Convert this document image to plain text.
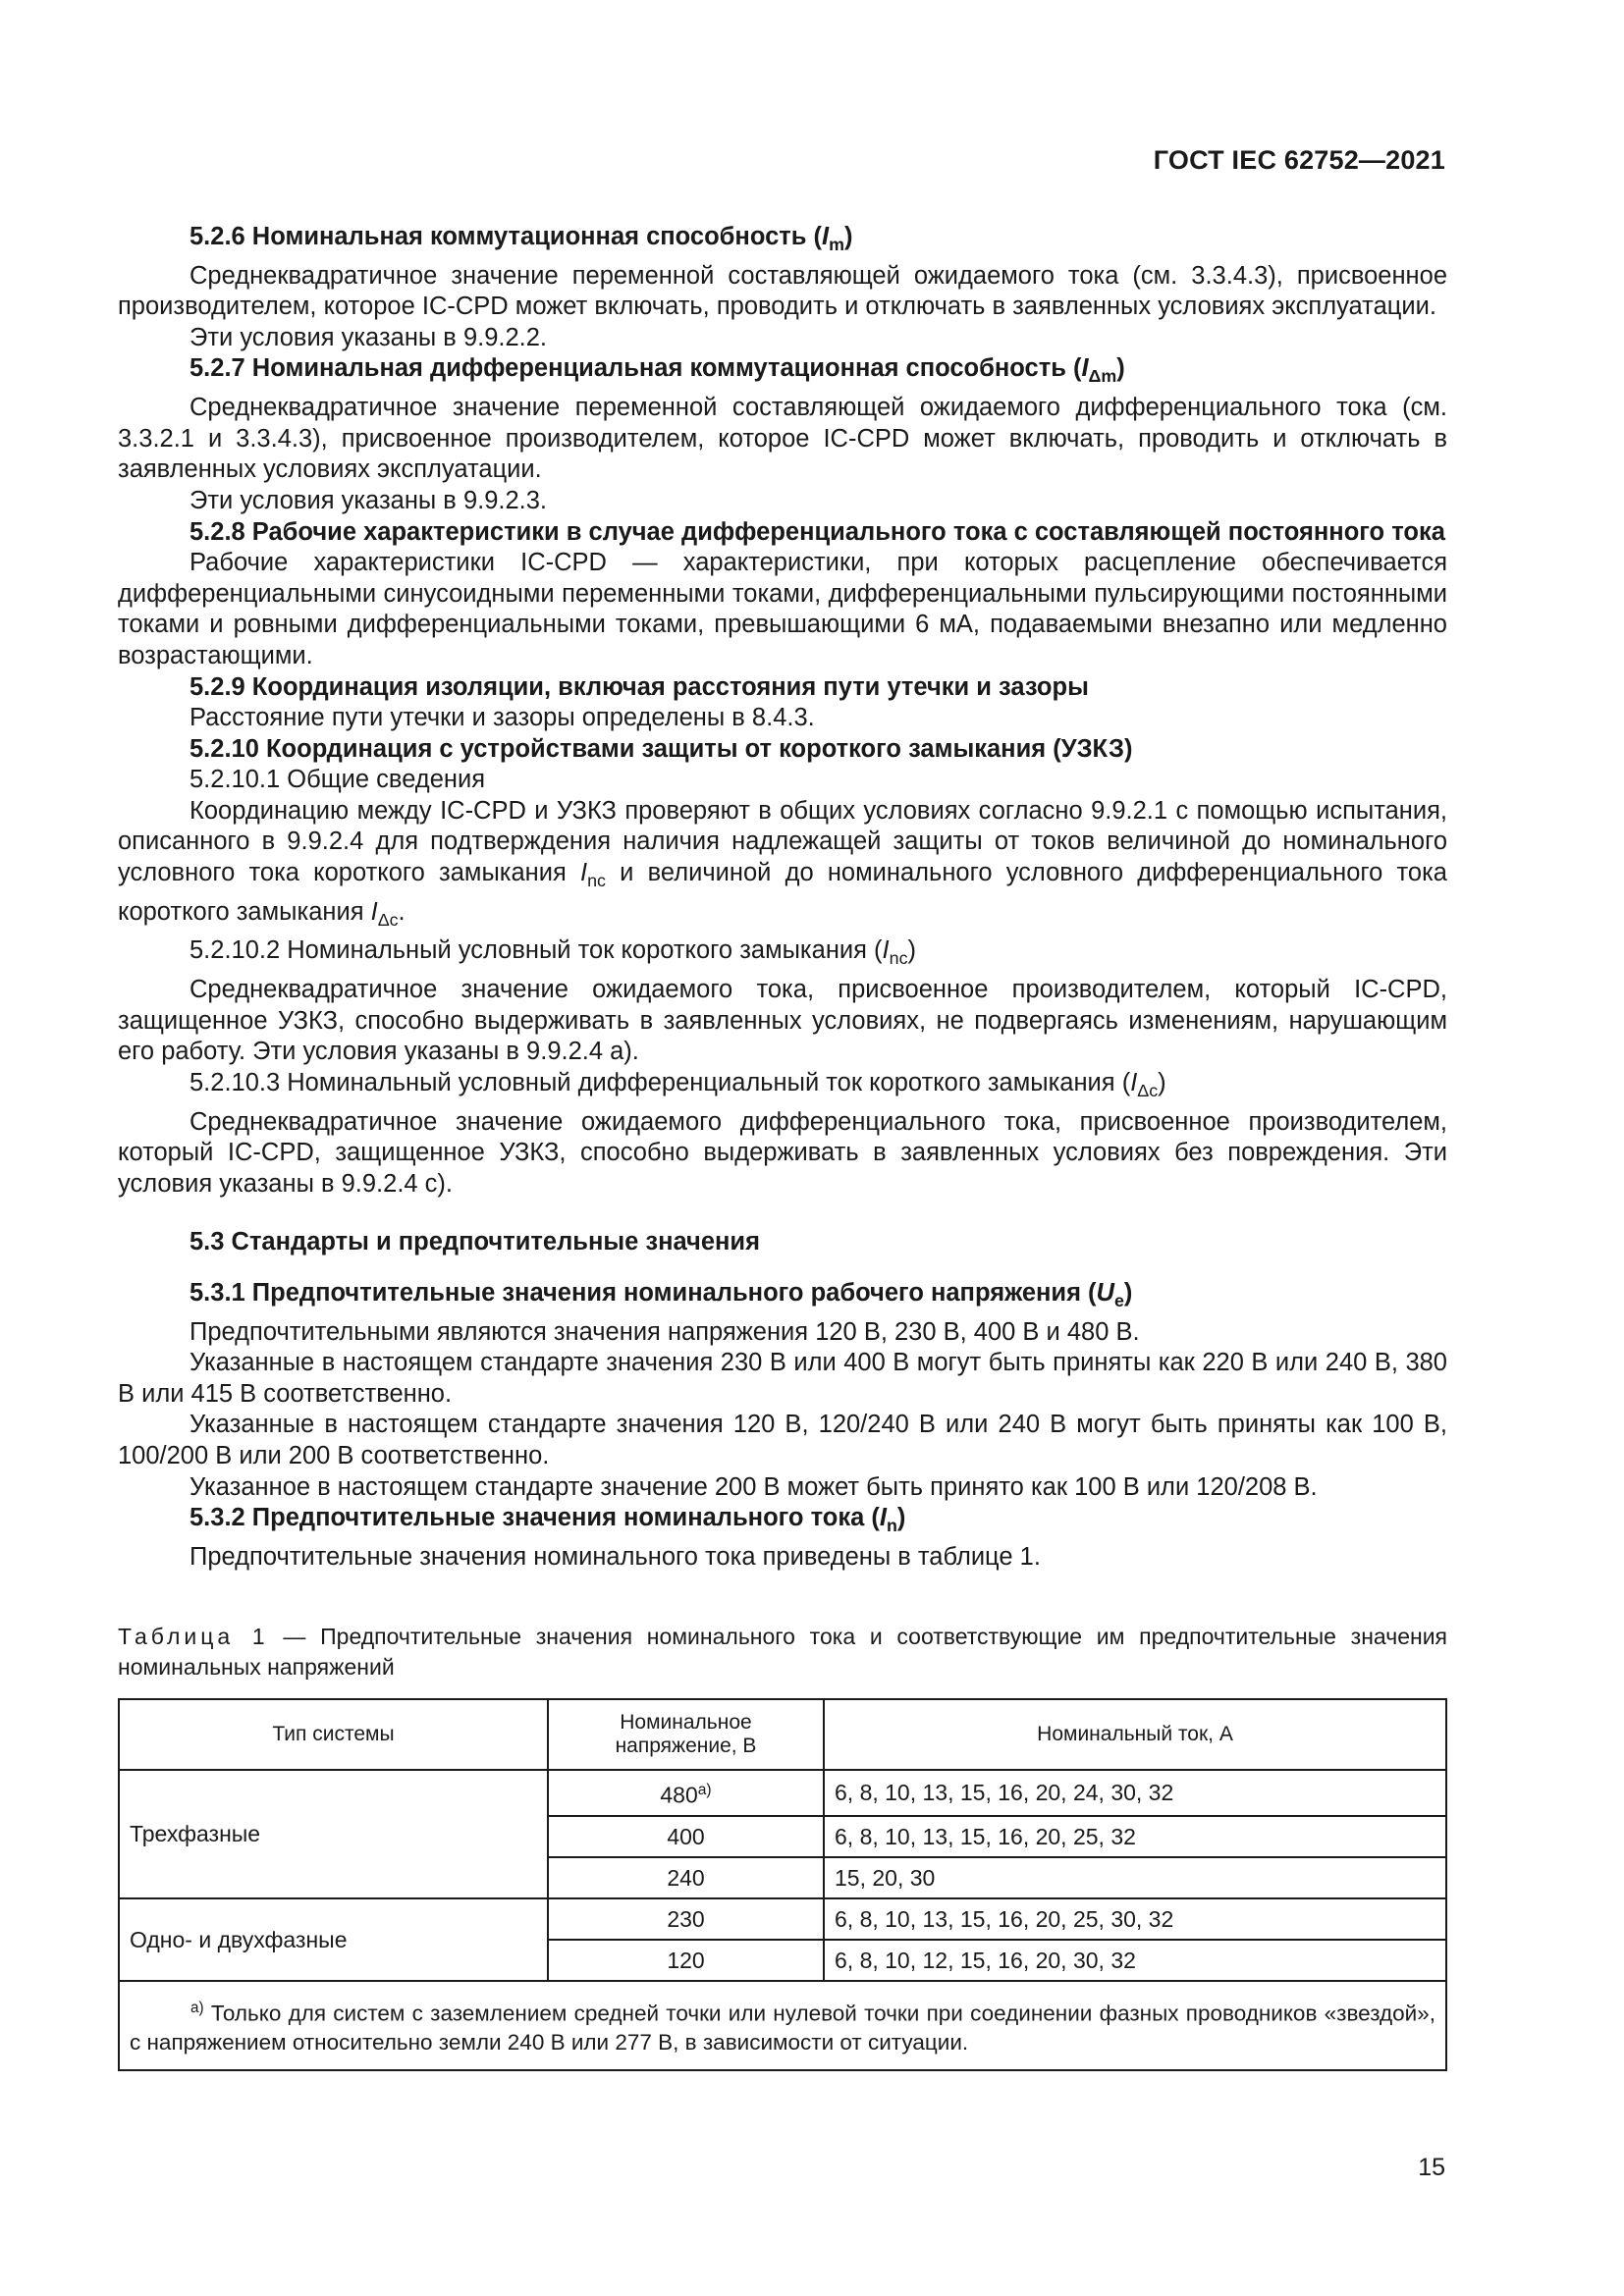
ГОСТ IEC 62752—2021

5.2.6 Номинальная коммутационная способность $(I_m)$

Среднеквадратичное значение переменной составляющей ожидаемого тока (см. 3.3.4.3), присвоенное производителем, которое IC-CPD может включать, проводить и отключать в заявленных условиях эксплуатации.

Эти условия указаны в 9.9.2.2.

5.2.7 Номинальная дифференциальная коммутационная способность $(I_{\Delta m})$

Среднеквадратичное значение переменной составляющей ожидаемого дифференциального тока (см. 3.3.2.1 и 3.3.4.3), присвоенное производителем, которое IC-CPD может включать, проводить и отключать в заявленных условиях эксплуатации.

Эти условия указаны в 9.9.2.3.

5.2.8 Рабочие характеристики в случае дифференциального тока с составляющей постоянного тока

Рабочие характеристики IC-CPD — характеристики, при которых расцепление обеспечивается дифференциальными синусоидными переменными токами, дифференциальными пульсирующими постоянными токами и ровными дифференциальными токами, превышающими 6 мА, подаваемыми внезапно или медленно возрастающими.

5.2.9 Координация изоляции, включая расстояния пути утечки и зазоры

Расстояние пути утечки и зазоры определены в 8.4.3.

5.2.10 Координация с устройствами защиты от короткого замыкания (УЗКЗ)

5.2.10.1 Общие сведения

Координацию между IC-CPD и УЗКЗ проверяют в общих условиях согласно 9.9.2.1 с помощью испытания, описанного в 9.9.2.4 для подтверждения наличия надлежащей защиты от токов величиной до номинального условного тока короткого замыкания $I_{nc}$ и величиной до номинального условного дифференциального тока короткого замыкания $I_{\Delta c}$.

5.2.10.2 Номинальный условный ток короткого замыкания $(I_{nc})$

Среднеквадратичное значение ожидаемого тока, присвоенное производителем, который IC-CPD, защищенное УЗКЗ, способно выдерживать в заявленных условиях, не подвергаясь изменениям, нарушающим его работу. Эти условия указаны в 9.9.2.4 а).

5.2.10.3 Номинальный условный дифференциальный ток короткого замыкания $(I_{\Delta c})$

Среднеквадратичное значение ожидаемого дифференциального тока, присвоенное производителем, который IC-CPD, защищенное УЗКЗ, способно выдерживать в заявленных условиях без повреждения. Эти условия указаны в 9.9.2.4 с).

5.3 Стандарты и предпочтительные значения

5.3.1 Предпочтительные значения номинального рабочего напряжения $(U_e)$

Предпочтительными являются значения напряжения 120 В, 230 В, 400 В и 480 В.

Указанные в настоящем стандарте значения 230 В или 400 В могут быть приняты как 220 В или 240 В, 380 В или 415 В соответственно.

Указанные в настоящем стандарте значения 120 В, 120/240 В или 240 В могут быть приняты как 100 В, 100/200 В или 200 В соответственно.

Указанное в настоящем стандарте значение 200 В может быть принято как 100 В или 120/208 В.

5.3.2 Предпочтительные значения номинального тока $(I_n)$

Предпочтительные значения номинального тока приведены в таблице 1.

Таблица 1 — Предпочтительные значения номинального тока и соответствующие им предпочтительные значения номинальных напряжений
Тип системы	Номинальное напряжение, В	Номинальный ток, А
Трехфазные	$480^{а)}$	6, 8, 10, 13, 15, 16, 20, 24, 30, 32
	400	6, 8, 10, 13, 15, 16, 20, 25, 32
	240	15, 20, 30
Одно- и двухфазные	230	6, 8, 10, 13, 15, 16, 20, 25, 30, 32
	120	6, 8, 10, 12, 15, 16, 20, 30, 32
$^{а)}$ Только для систем с заземлением средней точки или нулевой точки при соединении фазных проводников «звездой», с напряжением относительно земли 240 В или 277 В, в зависимости от ситуации.		
15
